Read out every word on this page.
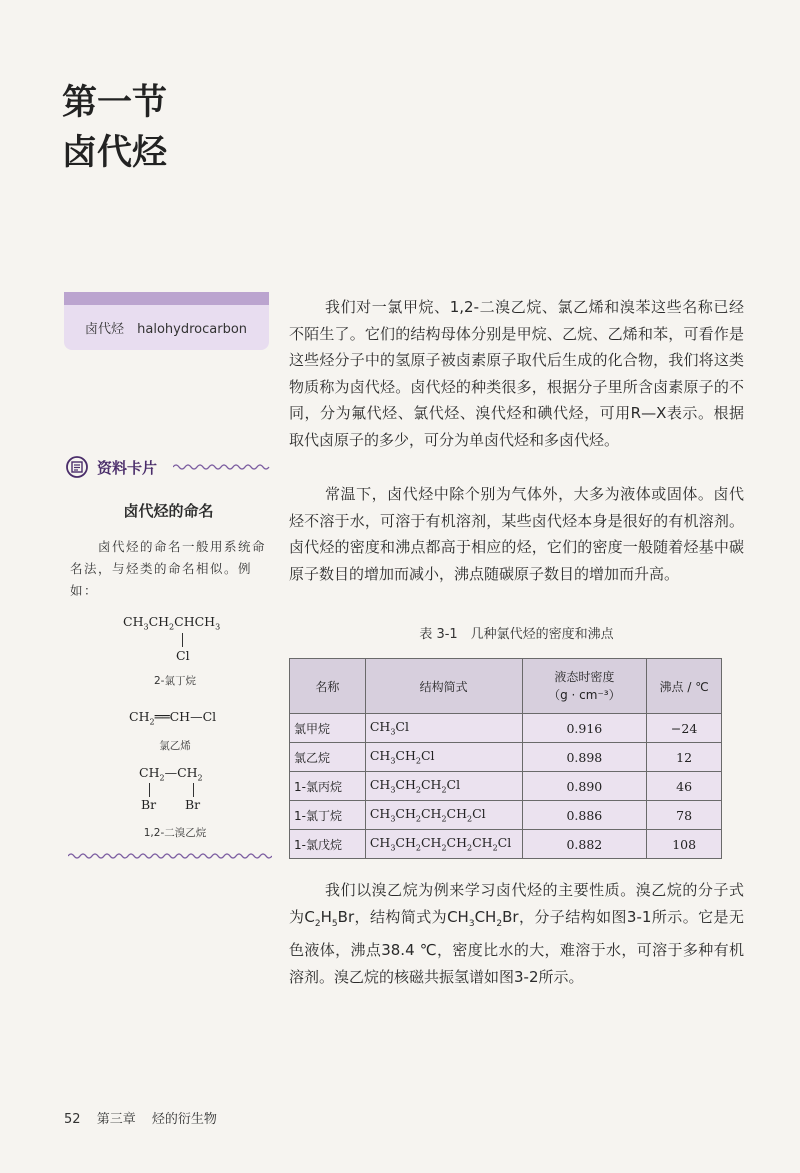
第一节
卤代烃
卤代烃 halohydrocarbon
资料卡片
卤代烃的命名
卤代烃的命名一般用系统命名法，与烃类的命名相似。例如：
$CH_3CH_2CHCH_3$
Cl
2-氯丁烷
$CH_2══CH—Cl$
氯乙烯
$CH_2—CH_2$
Br Br
1,2-二溴乙烷
我们对一氯甲烷、1,2-二溴乙烷、氯乙烯和溴苯这些名称已经不陌生了。它们的结构母体分别是甲烷、乙烷、乙烯和苯，可看作是这些烃分子中的氢原子被卤素原子取代后生成的化合物，我们将这类物质称为卤代烃。卤代烃的种类很多，根据分子里所含卤素原子的不同，分为氟代烃、氯代烃、溴代烃和碘代烃，可用R—X表示。根据取代卤原子的多少，可分为单卤代烃和多卤代烃。
常温下，卤代烃中除个别为气体外，大多为液体或固体。卤代烃不溶于水，可溶于有机溶剂，某些卤代烃本身是很好的有机溶剂。卤代烃的密度和沸点都高于相应的烃，它们的密度一般随着烃基中碳原子数目的增加而减小，沸点随碳原子数目的增加而升高。
表 3-1　几种氯代烃的密度和沸点
名称	结构简式	液态时密度
（g · cm⁻³）	沸点 / ℃
氯甲烷	$CH_3Cl$	0.916	−24
氯乙烷	$CH_3CH_2Cl$	0.898	12
1-氯丙烷	$CH_3CH_2CH_2Cl$	0.890	46
1-氯丁烷	$CH_3CH_2CH_2CH_2Cl$	0.886	78
1-氯戊烷	$CH_3CH_2CH_2CH_2CH_2Cl$	0.882	108
我们以溴乙烷为例来学习卤代烃的主要性质。溴乙烷的分子式为$C_2H_5Br$，结构简式为$CH_3CH_2Br$，分子结构如图3-1所示。它是无色液体，沸点38.4 ℃，密度比水的大，难溶于水，可溶于多种有机溶剂。溴乙烷的核磁共振氢谱如图3-2所示。
52 第三章 烃的衍生物
